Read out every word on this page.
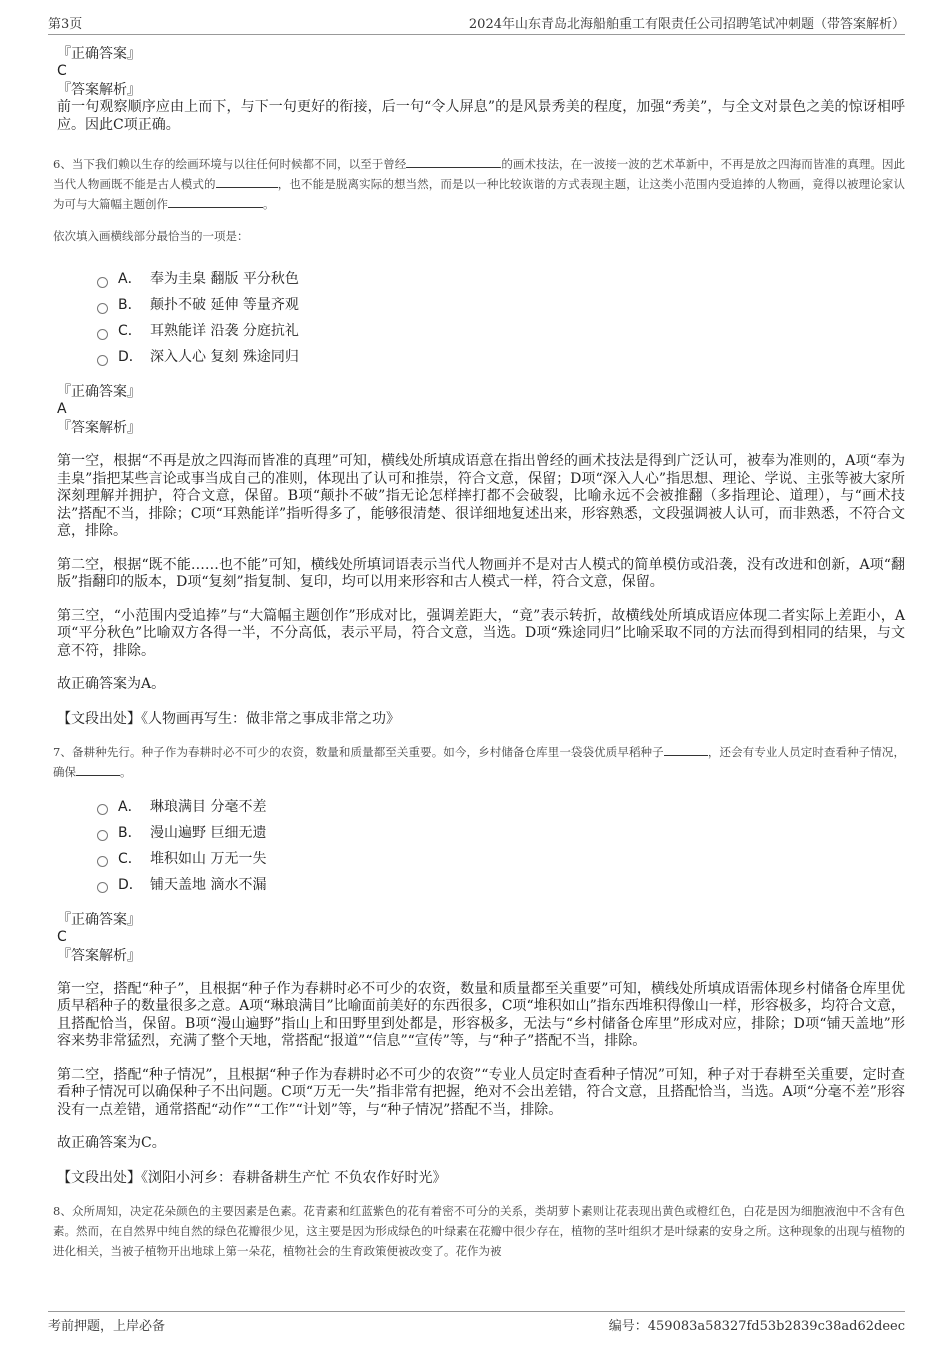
第3页	2024年山东青岛北海船舶重工有限责任公司招聘笔试冲刺题（带答案解析）

『正确答案』

C

『答案解析』

前一句观察顺序应由上而下，与下一句更好的衔接，后一句“令人屏息”的是风景秀美的程度，加强“秀美”，与全文对景色之美的惊讶相呼应。因此C项正确。

6、当下我们赖以生存的绘画环境与以往任何时候都不同，以至于曾经	的画术技法，在一波接一波的艺术革新中，不再是放之四海而皆准的真理。因此当代人物画既不能是古人模式的	，也不能是脱离实际的想当然，而是以一种比较诙谐的方式表现主题，让这类小范围内受追捧的人物画，竟得以被理论家认为可与大篇幅主题创作	。

依次填入画横线部分最恰当的一项是：

A． 奉为圭臬 翻版 平分秋色
B． 颠扑不破 延伸 等量齐观
C． 耳熟能详 沿袭 分庭抗礼
D． 深入人心 复刻 殊途同归

『正确答案』

A

『答案解析』

第一空，根据“不再是放之四海而皆准的真理”可知，横线处所填成语意在指出曾经的画术技法是得到广泛认可，被奉为准则的，A项“奉为圭臬”指把某些言论或事当成自己的准则，体现出了认可和推崇，符合文意，保留；D项“深入人心”指思想、理论、学说、主张等被大家所深刻理解并拥护，符合文意，保留。B项“颠扑不破”指无论怎样摔打都不会破裂，比喻永远不会被推翻（多指理论、道理），与“画术技法”搭配不当，排除；C项“耳熟能详”指听得多了，能够很清楚、很详细地复述出来，形容熟悉，文段强调被人认可，而非熟悉，不符合文意，排除。

第二空，根据“既不能……也不能”可知，横线处所填词语表示当代人物画并不是对古人模式的简单模仿或沿袭，没有改进和创新，A项“翻版”指翻印的版本，D项“复刻”指复制、复印，均可以用来形容和古人模式一样，符合文意，保留。

第三空，“小范围内受追捧”与“大篇幅主题创作”形成对比，强调差距大，“竟”表示转折，故横线处所填成语应体现二者实际上差距小，A项“平分秋色”比喻双方各得一半，不分高低，表示平局，符合文意，当选。D项“殊途同归”比喻采取不同的方法而得到相同的结果，与文意不符，排除。

故正确答案为A。

【文段出处】《人物画再写生：做非常之事成非常之功》

7、备耕种先行。种子作为春耕时必不可少的农资，数量和质量都至关重要。如今，乡村储备仓库里一袋袋优质早稻种子	，还会有专业人员定时查看种子情况，确保	。

A． 琳琅满目 分毫不差
B． 漫山遍野 巨细无遗
C． 堆积如山 万无一失
D． 铺天盖地 滴水不漏

『正确答案』

C

『答案解析』

第一空，搭配“种子”，且根据“种子作为春耕时必不可少的农资，数量和质量都至关重要”可知，横线处所填成语需体现乡村储备仓库里优质早稻种子的数量很多之意。A项“琳琅满目”比喻面前美好的东西很多，C项“堆积如山”指东西堆积得像山一样，形容极多，均符合文意，且搭配恰当，保留。B项“漫山遍野”指山上和田野里到处都是，形容极多，无法与“乡村储备仓库里”形成对应，排除；D项“铺天盖地”形容来势非常猛烈，充满了整个天地，常搭配“报道”“信息”“宣传”等，与“种子”搭配不当，排除。

第二空，搭配“种子情况”，且根据“种子作为春耕时必不可少的农资”“专业人员定时查看种子情况”可知，种子对于春耕至关重要，定时查看种子情况可以确保种子不出问题。C项“万无一失”指非常有把握，绝对不会出差错，符合文意，且搭配恰当，当选。A项“分毫不差”形容没有一点差错，通常搭配“动作”“工作”“计划”等，与“种子情况”搭配不当，排除。

故正确答案为C。

【文段出处】《浏阳小河乡：春耕备耕生产忙 不负农作好时光》

8、众所周知，决定花朵颜色的主要因素是色素。花青素和红蓝紫色的花有着密不可分的关系，类胡萝卜素则让花表现出黄色或橙红色，白花是因为细胞液泡中不含有色素。然而，在自然界中纯自然的绿色花瓣很少见，这主要是因为形成绿色的叶绿素在花瓣中很少存在，植物的茎叶组织才是叶绿素的安身之所。这种现象的出现与植物的进化相关，当被子植物开出地球上第一朵花，植物社会的生育政策便被改变了。花作为被

考前押题，上岸必备	编号：459083a58327fd53b2839c38ad62deec
